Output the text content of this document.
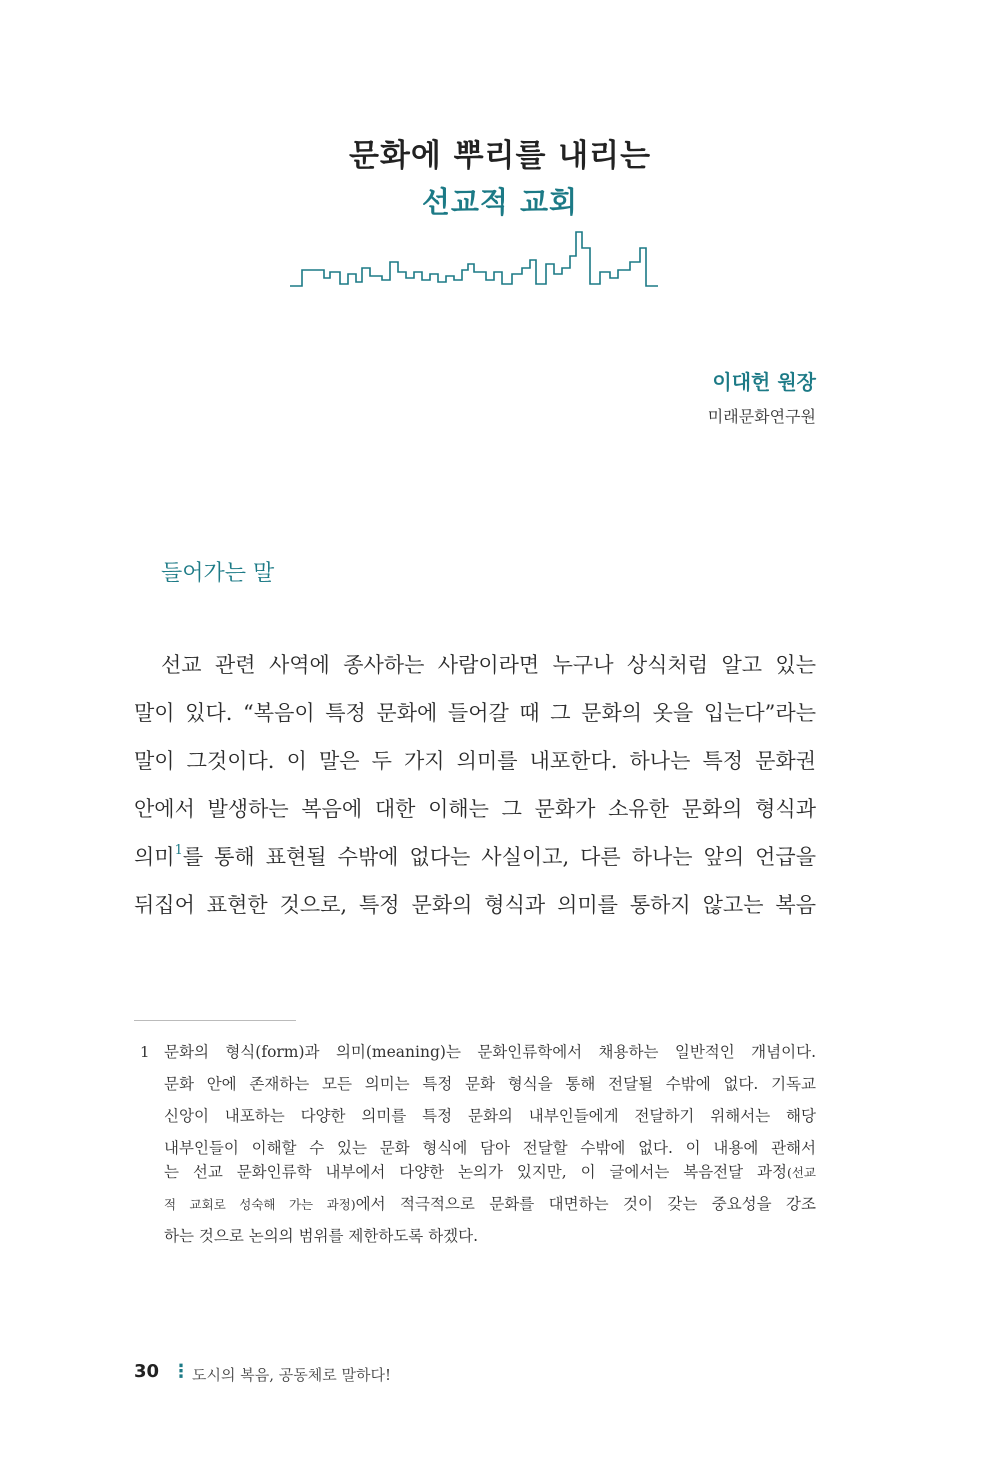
문화에 뿌리를 내리는
선교적 교회
이대헌 원장
미래문화연구원
들어가는 말
선교 관련 사역에 종사하는 사람이라면 누구나 상식처럼 알고 있는
말이 있다. “복음이 특정 문화에 들어갈 때 그 문화의 옷을 입는다”라는
말이 그것이다. 이 말은 두 가지 의미를 내포한다. 하나는 특정 문화권
안에서 발생하는 복음에 대한 이해는 그 문화가 소유한 문화의 형식과
의미$^1$를 통해 표현될 수밖에 없다는 사실이고, 다른 하나는 앞의 언급을
뒤집어 표현한 것으로, 특정 문화의 형식과 의미를 통하지 않고는 복음
1 문화의 형식(form)과 의미(meaning)는 문화인류학에서 채용하는 일반적인 개념이다.
문화 안에 존재하는 모든 의미는 특정 문화 형식을 통해 전달될 수밖에 없다. 기독교
신앙이 내포하는 다양한 의미를 특정 문화의 내부인들에게 전달하기 위해서는 해당
내부인들이 이해할 수 있는 문화 형식에 담아 전달할 수밖에 없다. 이 내용에 관해서
는 선교 문화인류학 내부에서 다양한 논의가 있지만, 이 글에서는 복음전달 과정(선교
적 교회로 성숙해 가는 과정)에서 적극적으로 문화를 대면하는 것이 갖는 중요성을 강조
하는 것으로 논의의 범위를 제한하도록 하겠다.
30 ⋮ 도시의 복음, 공동체로 말하다!
